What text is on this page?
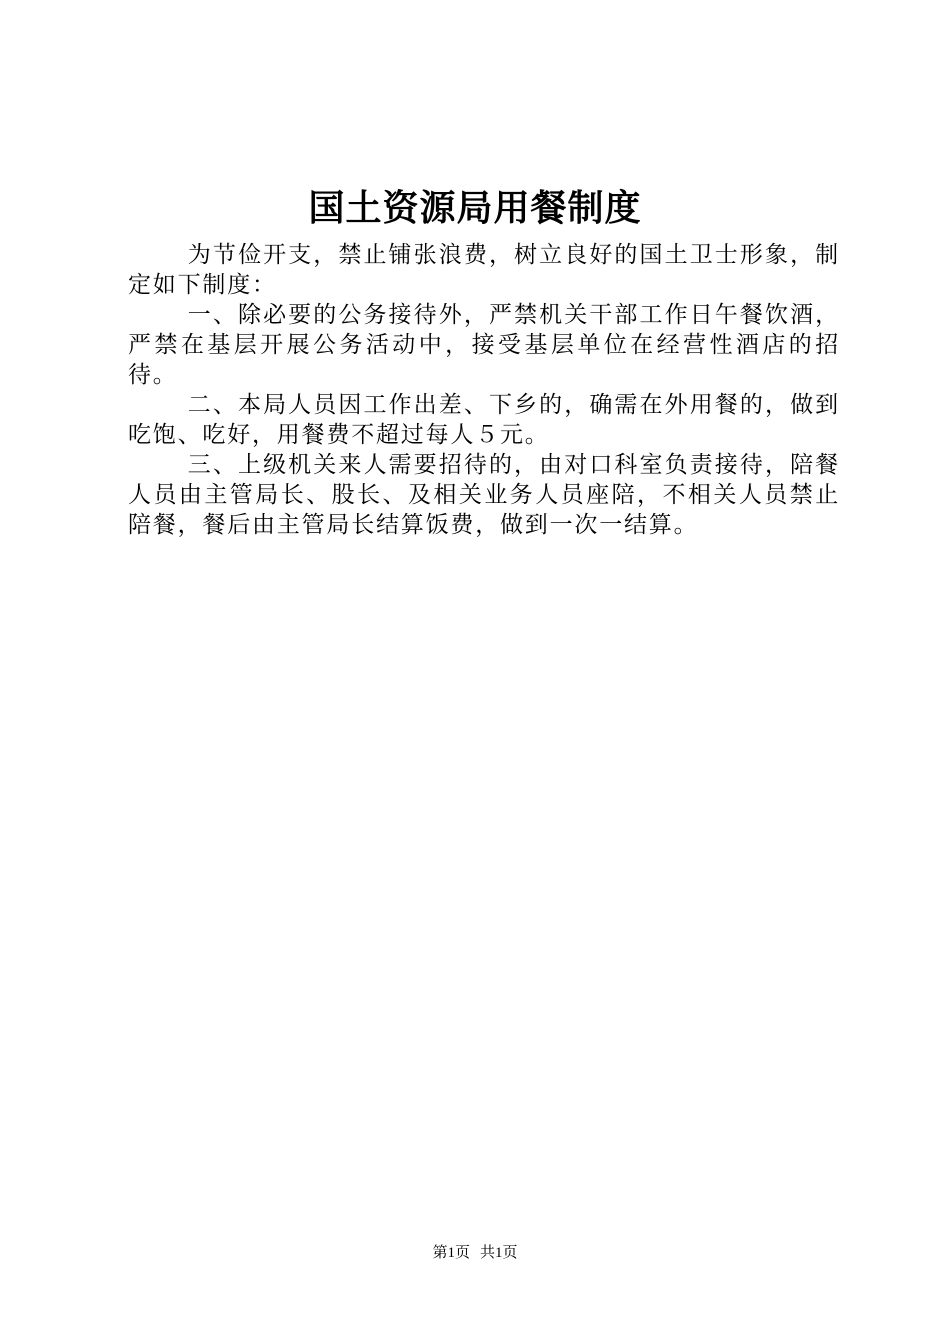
国土资源局用餐制度

为节俭开支，禁止铺张浪费，树立良好的国土卫士形象，制定如下制度：

一、除必要的公务接待外，严禁机关干部工作日午餐饮酒，严禁在基层开展公务活动中，接受基层单位在经营性酒店的招待。

二、本局人员因工作出差、下乡的，确需在外用餐的，做到吃饱、吃好，用餐费不超过每人５元。

三、上级机关来人需要招待的，由对口科室负责接待，陪餐人员由主管局长、股长、及相关业务人员座陪，不相关人员禁止陪餐，餐后由主管局长结算饭费，做到一次一结算。

第1页 共1页
